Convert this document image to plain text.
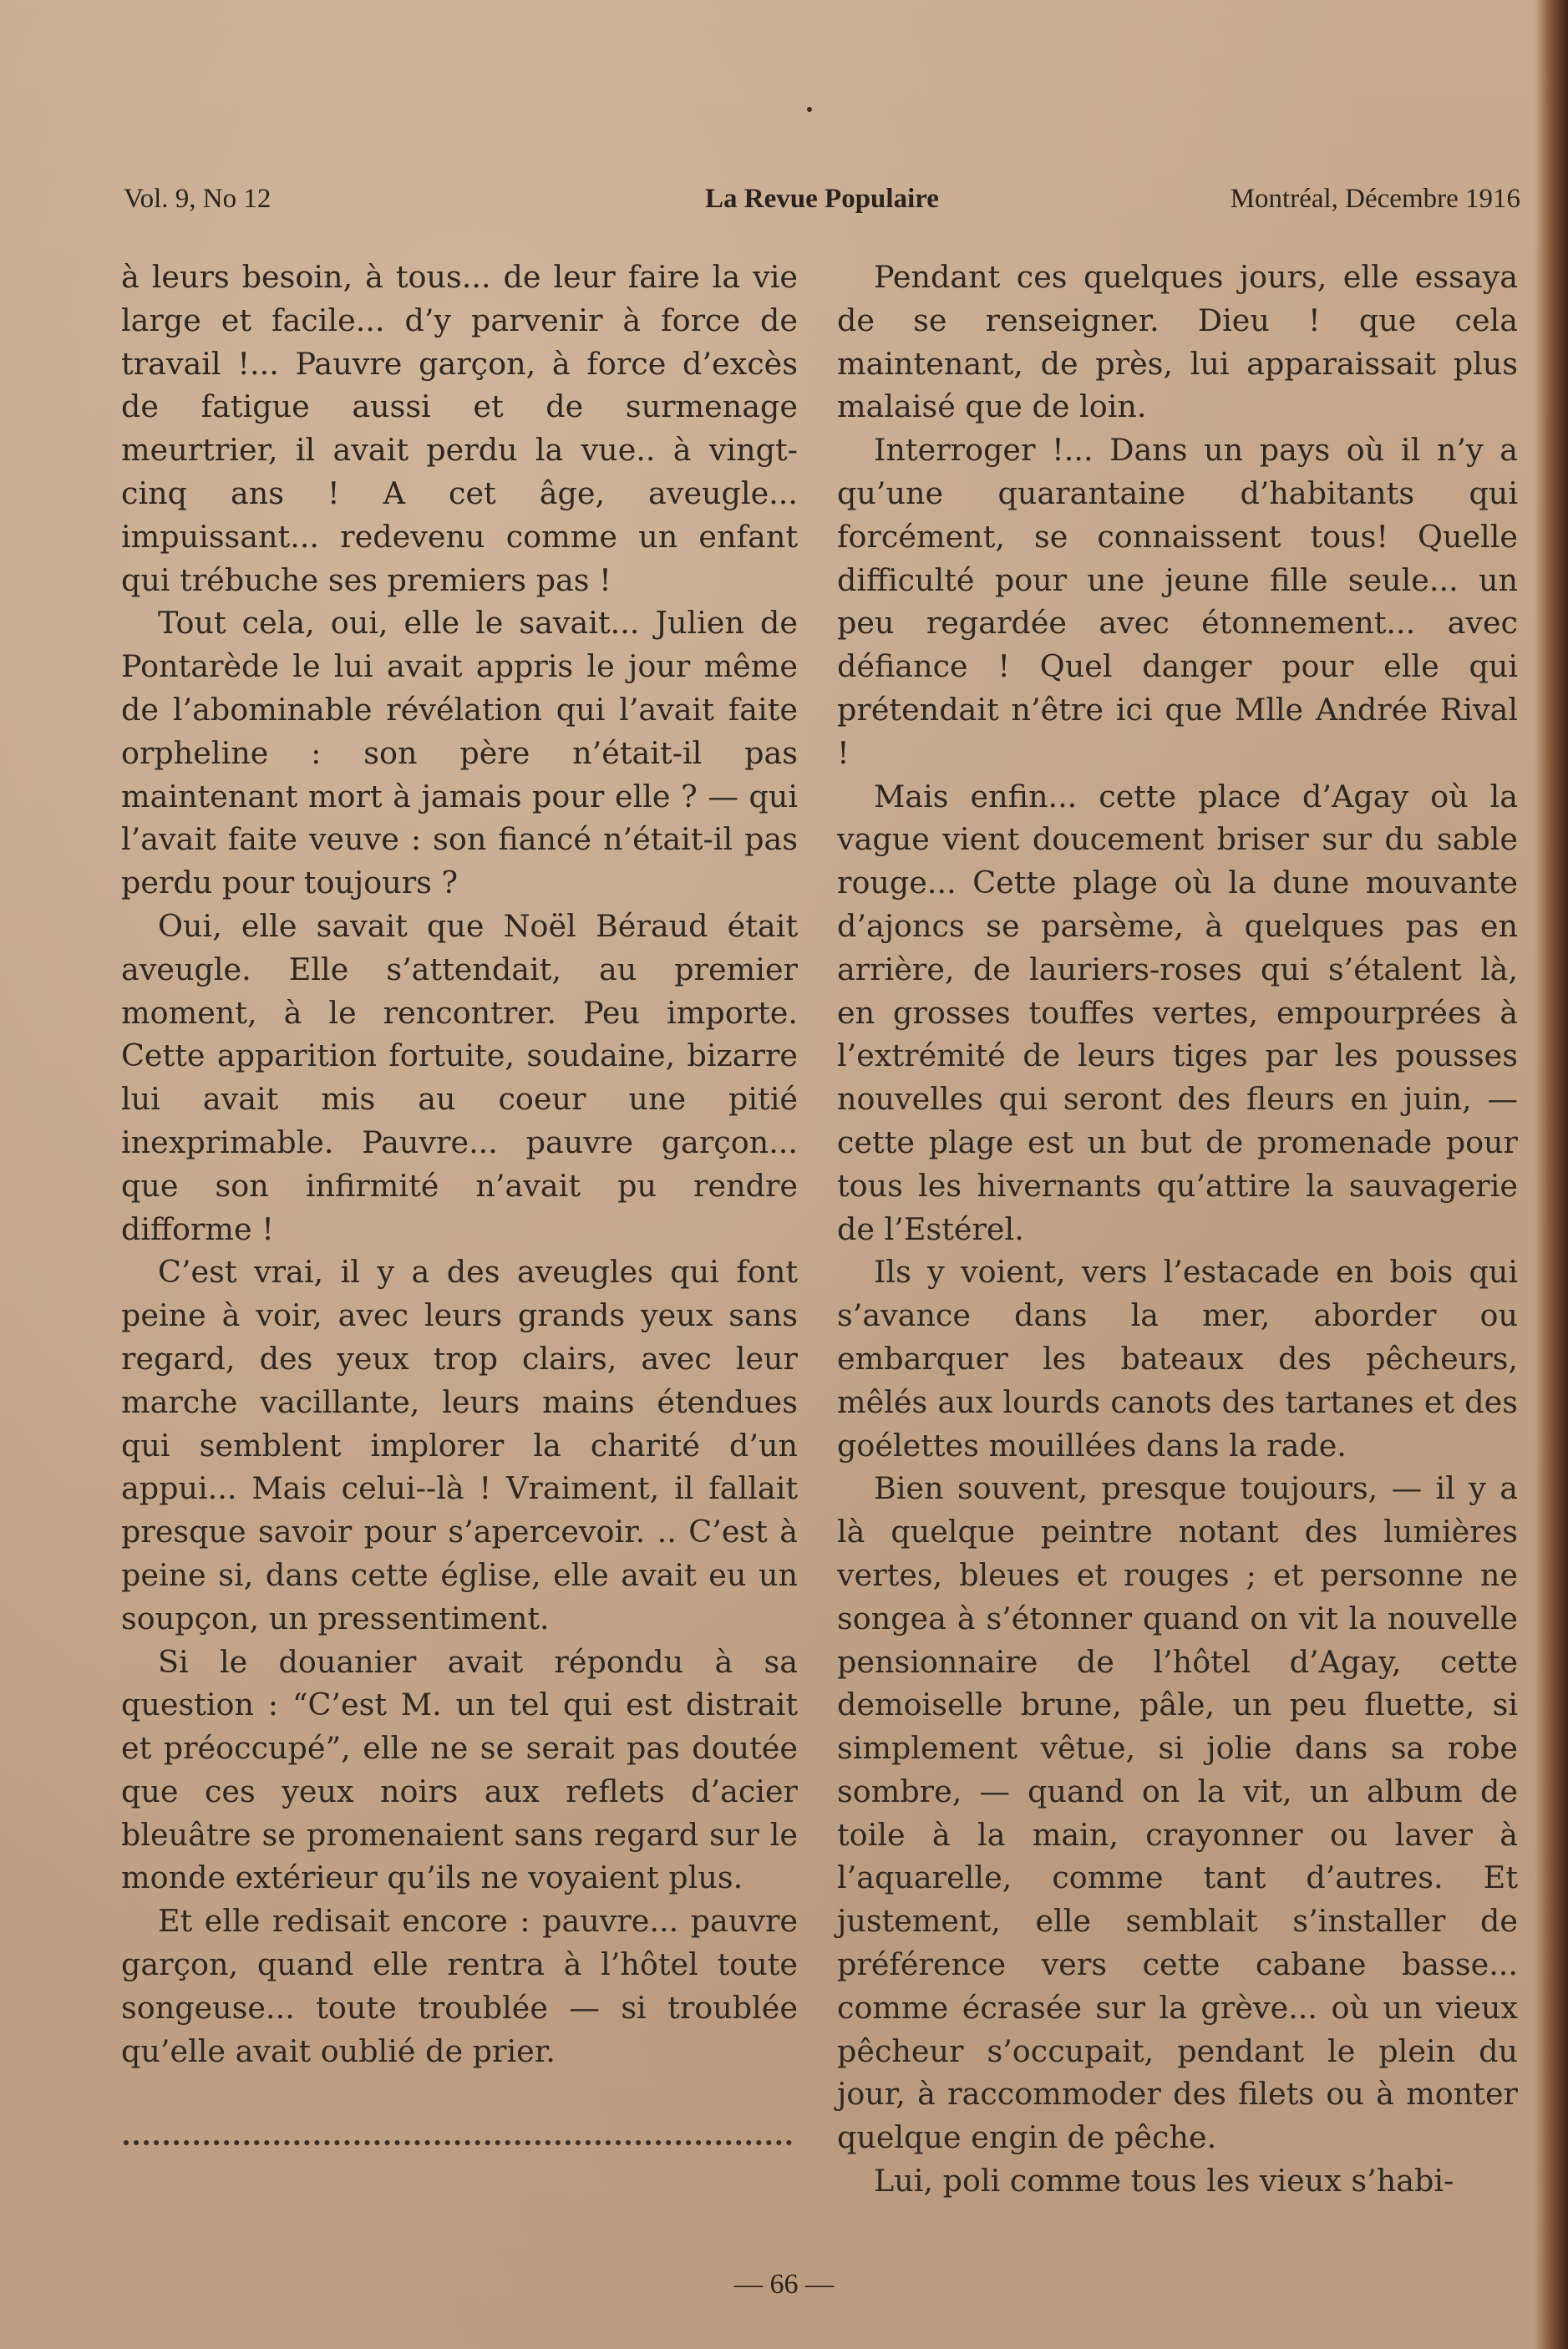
Vol. 9, No 12	La Revue Populaire	Montréal, Décembre 1916

à leurs besoin, à tous... de leur faire la vie large et facile... d’y parvenir à force de travail !... Pauvre garçon, à force d’excès de fatigue aussi et de surmenage meurtrier, il avait perdu la vue.. à vingt-cinq ans ! A cet âge, aveugle... impuissant... redevenu comme un enfant qui trébuche ses premiers pas !

Tout cela, oui, elle le savait... Julien de Pontarède le lui avait appris le jour même de l’abominable révélation qui l’avait faite orpheline : son père n’était-il pas maintenant mort à jamais pour elle ? — qui l’avait faite veuve : son fiancé n’était-il pas perdu pour toujours ?

Oui, elle savait que Noël Béraud était aveugle. Elle s’attendait, au premier moment, à le rencontrer. Peu importe. Cette apparition fortuite, soudaine, bizarre lui avait mis au coeur une pitié inexprimable. Pauvre... pauvre garçon... que son infirmité n’avait pu rendre difforme !

C’est vrai, il y a des aveugles qui font peine à voir, avec leurs grands yeux sans regard, des yeux trop clairs, avec leur marche vacillante, leurs mains étendues qui semblent implorer la charité d’un appui... Mais celui--là ! Vraiment, il fallait presque savoir pour s’apercevoir. .. C’est à peine si, dans cette église, elle avait eu un soupçon, un pressentiment.

Si le douanier avait répondu à sa question : “C’est M. un tel qui est distrait et préoccupé”, elle ne se serait pas doutée que ces yeux noirs aux reflets d’acier bleuâtre se promenaient sans regard sur le monde extérieur qu’ils ne voyaient plus.

Et elle redisait encore : pauvre... pauvre garçon, quand elle rentra à l’hôtel toute songeuse... toute troublée — si troublée qu’elle avait oublié de prier.

Pendant ces quelques jours, elle essaya de se renseigner. Dieu ! que cela maintenant, de près, lui apparaissait plus malaisé que de loin.

Interroger !... Dans un pays où il n’y a qu’une quarantaine d’habitants qui forcément, se connaissent tous! Quelle difficulté pour une jeune fille seule... un peu regardée avec étonnement... avec défiance ! Quel danger pour elle qui prétendait n’être ici que Mlle Andrée Rival !

Mais enfin... cette place d’Agay où la vague vient doucement briser sur du sable rouge... Cette plage où la dune mouvante d’ajoncs se parsème, à quelques pas en arrière, de lauriers-roses qui s’étalent là, en grosses touffes vertes, empourprées à l’extrémité de leurs tiges par les pousses nouvelles qui seront des fleurs en juin, — cette plage est un but de promenade pour tous les hivernants qu’attire la sauvagerie de l’Estérel.

Ils y voient, vers l’estacade en bois qui s’avance dans la mer, aborder ou embarquer les bateaux des pêcheurs, mêlés aux lourds canots des tartanes et des goélettes mouillées dans la rade.

Bien souvent, presque toujours, — il y a là quelque peintre notant des lumières vertes, bleues et rouges ; et personne ne songea à s’étonner quand on vit la nouvelle pensionnaire de l’hôtel d’Agay, cette demoiselle brune, pâle, un peu fluette, si simplement vêtue, si jolie dans sa robe sombre, — quand on la vit, un album de toile à la main, crayonner ou laver à l’aquarelle, comme tant d’autres. Et justement, elle semblait s’installer de préférence vers cette cabane basse... comme écrasée sur la grève... où un vieux pêcheur s’occupait, pendant le plein du jour, à raccommoder des filets ou à monter quelque engin de pêche.

Lui, poli comme tous les vieux s’habi-

— 66 —
